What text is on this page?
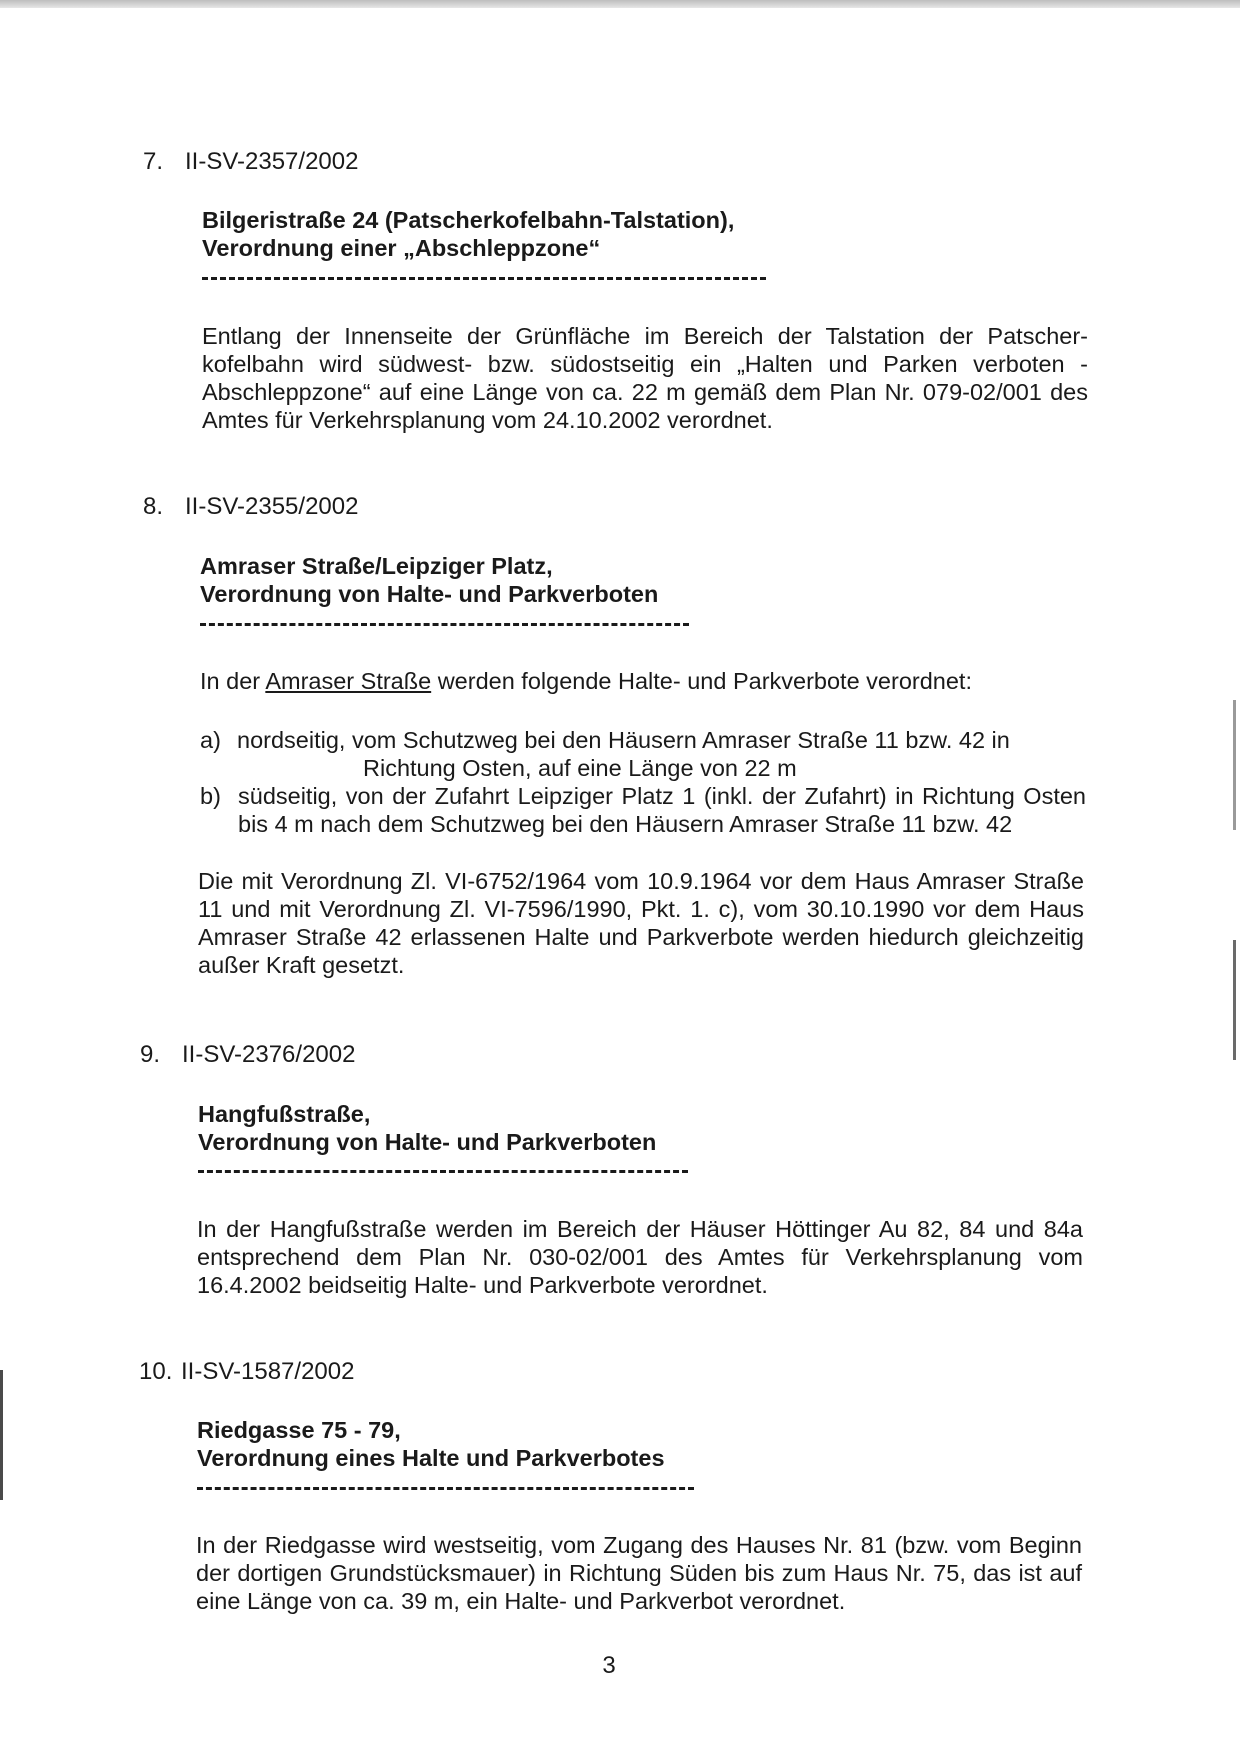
7. II-SV-2357/2002
Bilgeristraße 24 (Patscherkofelbahn-Talstation),
Verordnung einer „Abschleppzone“

Entlang der Innenseite der Grünfläche im Bereich der Talstation der Patscher-kofelbahn wird südwest- bzw. südostseitig ein „Halten und Parken verboten - Abschleppzone“ auf eine Länge von ca. 22 m gemäß dem Plan Nr. 079-02/001 des Amtes für Verkehrsplanung vom 24.10.2002 verordnet.

8. II-SV-2355/2002
Amraser Straße/Leipziger Platz,
Verordnung von Halte- und Parkverboten
In der Amraser Straße werden folgende Halte- und Parkverbote verordnet:
a) nordseitig, vom Schutzweg bei den Häusern Amraser Straße 11 bzw. 42 in
Richtung Osten, auf eine Länge von 22 m
b) südseitig, von der Zufahrt Leipziger Platz 1 (inkl. der Zufahrt) in Richtung Osten bis 4 m nach dem Schutzweg bei den Häusern Amraser Straße 11 bzw. 42

Die mit Verordnung Zl. VI-6752/1964 vom 10.9.1964 vor dem Haus Amraser Straße 11 und mit Verordnung Zl. VI-7596/1990, Pkt. 1. c), vom 30.10.1990 vor dem Haus Amraser Straße 42 erlassenen Halte und Parkverbote werden hiedurch gleichzeitig außer Kraft gesetzt.

9. II-SV-2376/2002
Hangfußstraße,
Verordnung von Halte- und Parkverboten

In der Hangfußstraße werden im Bereich der Häuser Höttinger Au 82, 84 und 84a entsprechend dem Plan Nr. 030-02/001 des Amtes für Verkehrsplanung vom 16.4.2002 beidseitig Halte- und Parkverbote verordnet.

10. II-SV-1587/2002
Riedgasse 75 - 79,
Verordnung eines Halte und Parkverbotes

In der Riedgasse wird westseitig, vom Zugang des Hauses Nr. 81 (bzw. vom Beginn der dortigen Grundstücksmauer) in Richtung Süden bis zum Haus Nr. 75, das ist auf eine Länge von ca. 39 m, ein Halte- und Parkverbot verordnet.

3
